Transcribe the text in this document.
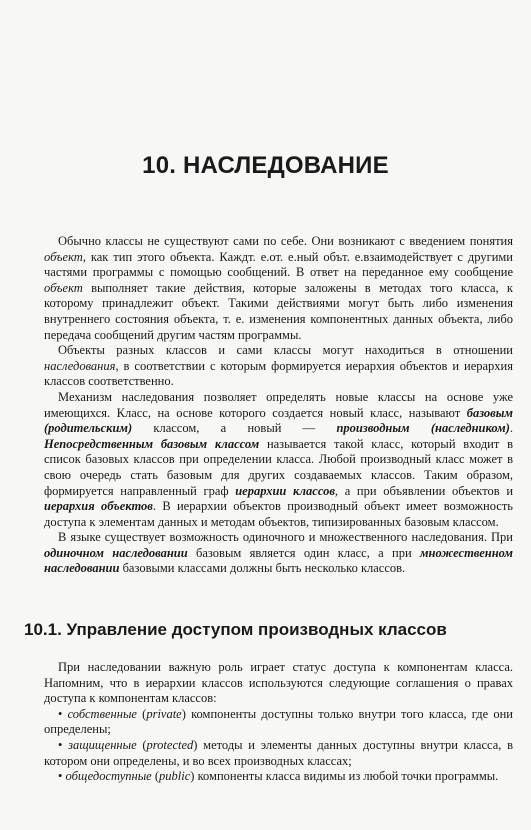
10. НАСЛЕДОВАНИЕ

Обычно классы не существуют сами по себе. Они возникают с введением понятия объект, как тип этого объекта. Каждт. е.от. е.ный обът. е.взаимодействует с другими частями программы с помощью сообщений. В ответ на переданное ему сообщение объект выполняет такие действия, которые заложены в методах того класса, к которому принадлежит объект. Такими действиями могут быть либо изменения внутреннего состояния объекта, т. е. изменения компонентных данных объекта, либо передача сообщений другим частям программы.

Объекты разных классов и сами классы могут находиться в отношении наследования, в соответствии с которым формируется иерархия объектов и иерархия классов соответственно.

Механизм наследования позволяет определять новые классы на основе уже имеющихся. Класс, на основе которого создается новый класс, называют базовым (родительским) классом, а новый — производным (наследником). Непосредственным базовым классом называется такой класс, который входит в список базовых классов при определении класса. Любой производный класс может в свою очередь стать базовым для других создаваемых классов. Таким образом, формируется направленный граф иерархии классов, а при объявлении объектов и иерархия объектов. В иерархии объектов производный объект имеет возможность доступа к элементам данных и методам объектов, типизированных базовым классом.

В языке существует возможность одиночного и множественного наследования. При одиночном наследовании базовым является один класс, а при множественном наследовании базовыми классами должны быть несколько классов.

10.1. Управление доступом производных классов

При наследовании важную роль играет статус доступа к компонентам класса. Напомним, что в иерархии классов используются следующие соглашения о правах доступа к компонентам классов:

• собственные (private) компоненты доступны только внутри того класса, где они определены;

• защищенные (protected) методы и элементы данных доступны внутри класса, в котором они определены, и во всех производных классах;

• общедоступные (public) компоненты класса видимы из любой точки программы.
